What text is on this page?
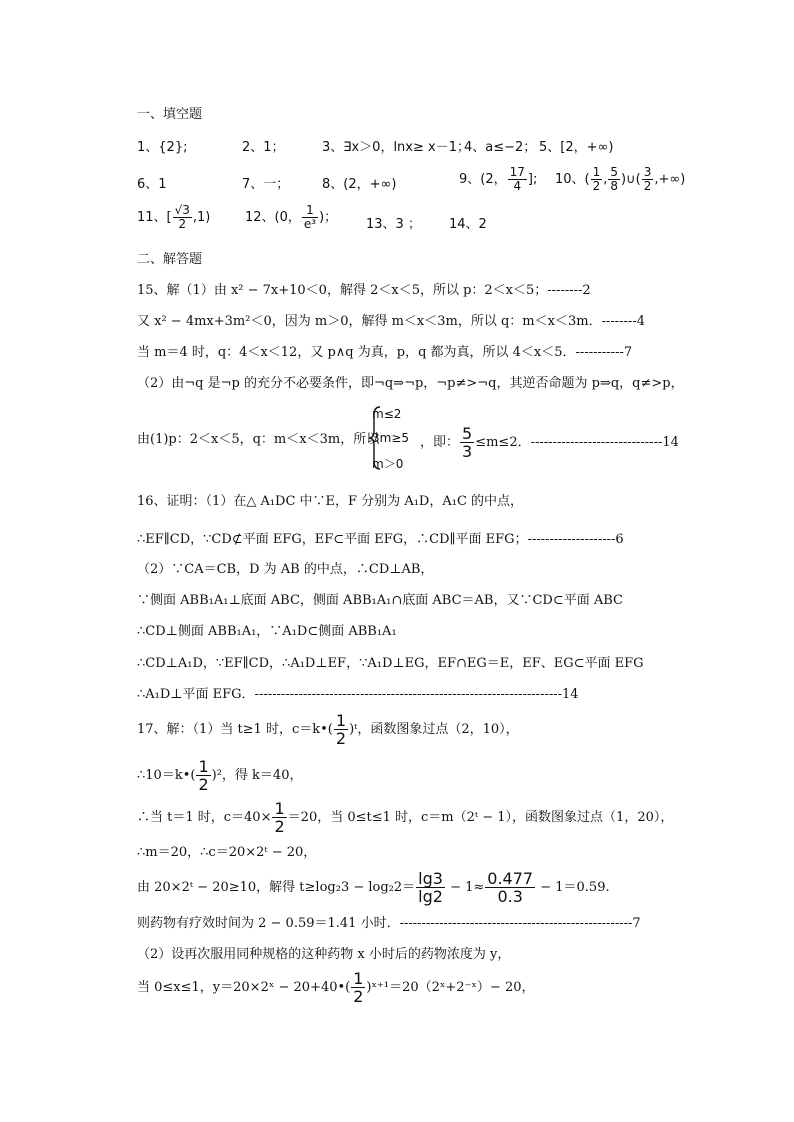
一、填空题
1、{2};	2、1；	3、∃x＞0，lnx≥ x－1；
4、a≤−2； 5、[2，+∞)
6、1	7、一；	8、(2，+∞)	9、(2， $\frac{17}{4}$ ]; 10、( $\frac{1}{2}$ , $\frac{5}{8}$ )∪( $\frac{3}{2}$ ,+∞)
11、[ $\frac{√3}{2} ,1$)	12、(0， $\frac{1}{\text{e³}}$ )； 13、3 ； 14、2
二、解答题
15、解（1）由 x² − 7x+10＜0，解得 2＜x＜5，所以 p：2＜x＜5；--------2
又 x² − 4mx+3m²＜0，因为 m＞0，解得 m＜x＜3m，所以 q：m＜x＜3m．--------4
当 m＝4 时，q：4＜x＜12，又 p∧q 为真，p，q 都为真，所以 4＜x＜5．-----------7
（2）由¬q 是¬p 的充分不必要条件，即¬q⇒¬p，¬p≠>¬q，其逆否命题为 p⇒q，q≠>p，
由(1)p：2＜x＜5，q：m＜x＜3m，所以
m≤2
3m≥5
m＞0
，即： $\frac{5}{3} \le m\le 2$．------------------------------14
16、证明：（1）在△ A₁DC 中∵E，F 分别为 A₁D，A₁C 的中点，
∴EF∥CD，∵CD⊄平面 EFG，EF⊂平面 EFG，∴CD∥平面 EFG；--------------------6
（2）∵CA＝CB，D 为 AB 的中点，∴CD⊥AB，
∵侧面 ABB₁A₁⊥底面 ABC，侧面 ABB₁A₁∩底面 ABC＝AB，又∵CD⊂平面 ABC
∴CD⊥侧面 ABB₁A₁，∵A₁D⊂侧面 ABB₁A₁
∴CD⊥A₁D，∵EF∥CD，∴A₁D⊥EF，∵A₁D⊥EG，EF∩EG＝E，EF、EG⊂平面 EFG
∴A₁D⊥平面 EFG．----------------------------------------------------------------------14
17、解：（1）当 t≥1 时，c＝k•( $\frac{1}{2}$ )ᵗ，函数图象过点（2，10），
∴10＝k•( $\frac{1}{2} )^2$，得 k＝40，
∴当 t＝1 时，$c=40\times \frac{1}{2} =20$，当 0≤t≤1 时，c＝m（2ᵗ − 1），函数图象过点（1，20），
∴m＝20，∴c＝20×2ᵗ − 20，
由 20×2ᵗ − 20≥10，解得 $t\ge\log_23 - \log_22= \frac{\lg 3}{\lg 2} - 1\approx \frac{0.477}{0.3} - 1=0.59$.
则药物有疗效时间为 2 − 0.59＝1.41 小时．-----------------------------------------------------7
（2）设再次服用同种规格的这种药物 x 小时后的药物浓度为 y，
当 0≤x≤1，y＝20×2ˣ − 20+40•( $\frac{1}{2}$ )ˣ⁺¹＝20（2ˣ+2⁻ˣ）− 20，
